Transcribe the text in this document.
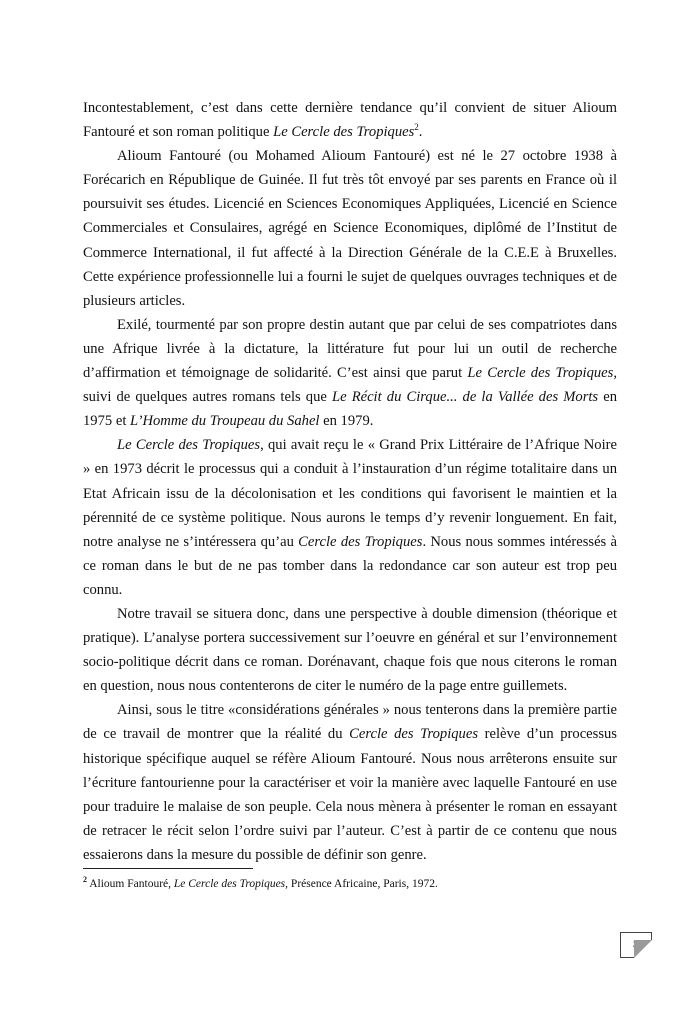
Incontestablement, c’est dans cette dernière tendance qu’il convient de situer Alioum Fantouré et son roman politique Le Cercle des Tropiques$^2$.

Alioum Fantouré (ou Mohamed Alioum Fantouré) est né le 27 octobre 1938 à Forécarich en République de Guinée. Il fut très tôt envoyé par ses parents en France où il poursuivit ses études. Licencié en Sciences Economiques Appliquées, Licencié en Science Commerciales et Consulaires, agrégé en Science Economiques, diplômé de l’Institut de Commerce International, il fut affecté à la Direction Générale de la C.E.E à Bruxelles. Cette expérience professionnelle lui a fourni le sujet de quelques ouvrages techniques et de plusieurs articles.

Exilé, tourmenté par son propre destin autant que par celui de ses compatriotes dans une Afrique livrée à la dictature, la littérature fut pour lui un outil de recherche d’affirmation et témoignage de solidarité. C’est ainsi que parut Le Cercle des Tropiques, suivi de quelques autres romans tels que Le Récit du Cirque... de la Vallée des Morts en 1975 et L’Homme du Troupeau du Sahel en 1979.

Le Cercle des Tropiques, qui avait reçu le « Grand Prix Littéraire de l’Afrique Noire » en 1973 décrit le processus qui a conduit à l’instauration d’un régime totalitaire dans un Etat Africain issu de la décolonisation et les conditions qui favorisent le maintien et la pérennité de ce système politique. Nous aurons le temps d’y revenir longuement. En fait, notre analyse ne s’intéressera qu’au Cercle des Tropiques. Nous nous sommes intéressés à ce roman dans le but de ne pas tomber dans la redondance car son auteur est trop peu connu.

Notre travail se situera donc, dans une perspective à double dimension (théorique et pratique). L’analyse portera successivement sur l’oeuvre en général et sur l’environnement socio-politique décrit dans ce roman. Dorénavant, chaque fois que nous citerons le roman en question, nous nous contenterons de citer le numéro de la page entre guillemets.

Ainsi, sous le titre «considérations générales » nous tenterons dans la première partie de ce travail de montrer que la réalité du Cercle des Tropiques relève d’un processus historique spécifique auquel se réfère Alioum Fantouré. Nous nous arrêterons ensuite sur l’écriture fantourienne pour la caractériser et voir la manière avec laquelle Fantouré en use pour traduire le malaise de son peuple. Cela nous mènera à présenter le roman en essayant de retracer le récit selon l’ordre suivi par l’auteur. C’est à partir de ce contenu que nous essaierons dans la mesure du possible de définir son genre.

$^2$ Alioum Fantouré, Le Cercle des Tropiques, Présence Africaine, Paris, 1972.
3
